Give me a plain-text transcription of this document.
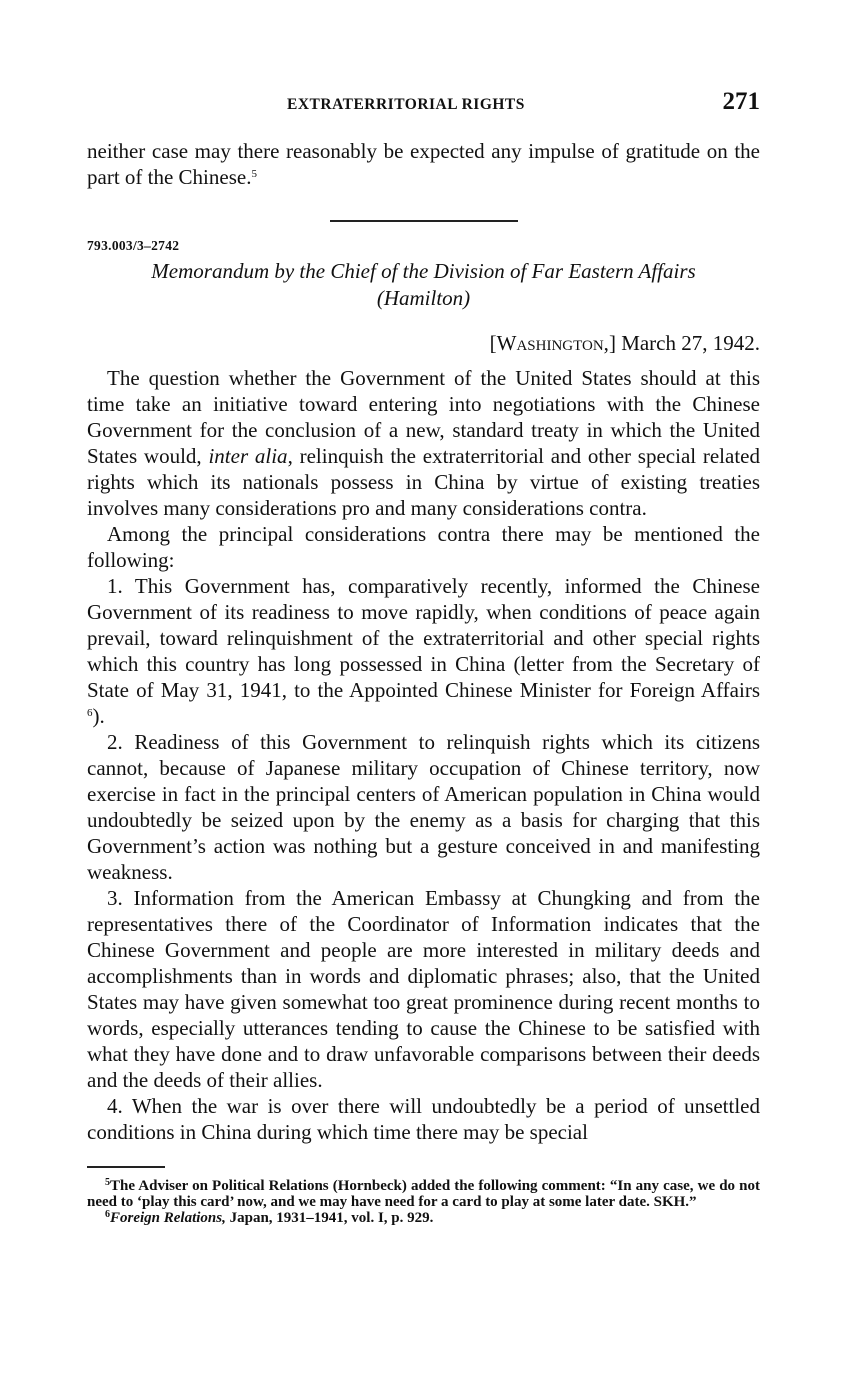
EXTRATERRITORIAL RIGHTS	271

neither case may there reasonably be expected any impulse of gratitude on the part of the Chinese.$^5$

793.003/3–2742

Memorandum by the Chief of the Division of Far Eastern Affairs
(Hamilton)

[Washington,] March 27, 1942.

The question whether the Government of the United States should at this time take an initiative toward entering into negotiations with the Chinese Government for the conclusion of a new, standard treaty in which the United States would, inter alia, relinquish the extraterritorial and other special related rights which its nationals possess in China by virtue of existing treaties involves many considerations pro and many considerations contra.

Among the principal considerations contra there may be mentioned the following:

1. This Government has, comparatively recently, informed the Chinese Government of its readiness to move rapidly, when conditions of peace again prevail, toward relinquishment of the extraterritorial and other special rights which this country has long possessed in China (letter from the Secretary of State of May 31, 1941, to the Appointed Chinese Minister for Foreign Affairs $^6$).

2. Readiness of this Government to relinquish rights which its citizens cannot, because of Japanese military occupation of Chinese territory, now exercise in fact in the principal centers of American population in China would undoubtedly be seized upon by the enemy as a basis for charging that this Government’s action was nothing but a gesture conceived in and manifesting weakness.

3. Information from the American Embassy at Chungking and from the representatives there of the Coordinator of Information indicates that the Chinese Government and people are more interested in military deeds and accomplishments than in words and diplomatic phrases; also, that the United States may have given somewhat too great prominence during recent months to words, especially utterances tending to cause the Chinese to be satisfied with what they have done and to draw unfavorable comparisons between their deeds and the deeds of their allies.

4. When the war is over there will undoubtedly be a period of unsettled conditions in China during which time there may be special

$^5$The Adviser on Political Relations (Hornbeck) added the following comment: “In any case, we do not need to ‘play this card’ now, and we may have need for a card to play at some later date. SKH.”

$^6$Foreign Relations, Japan, 1931–1941, vol. I, p. 929.
